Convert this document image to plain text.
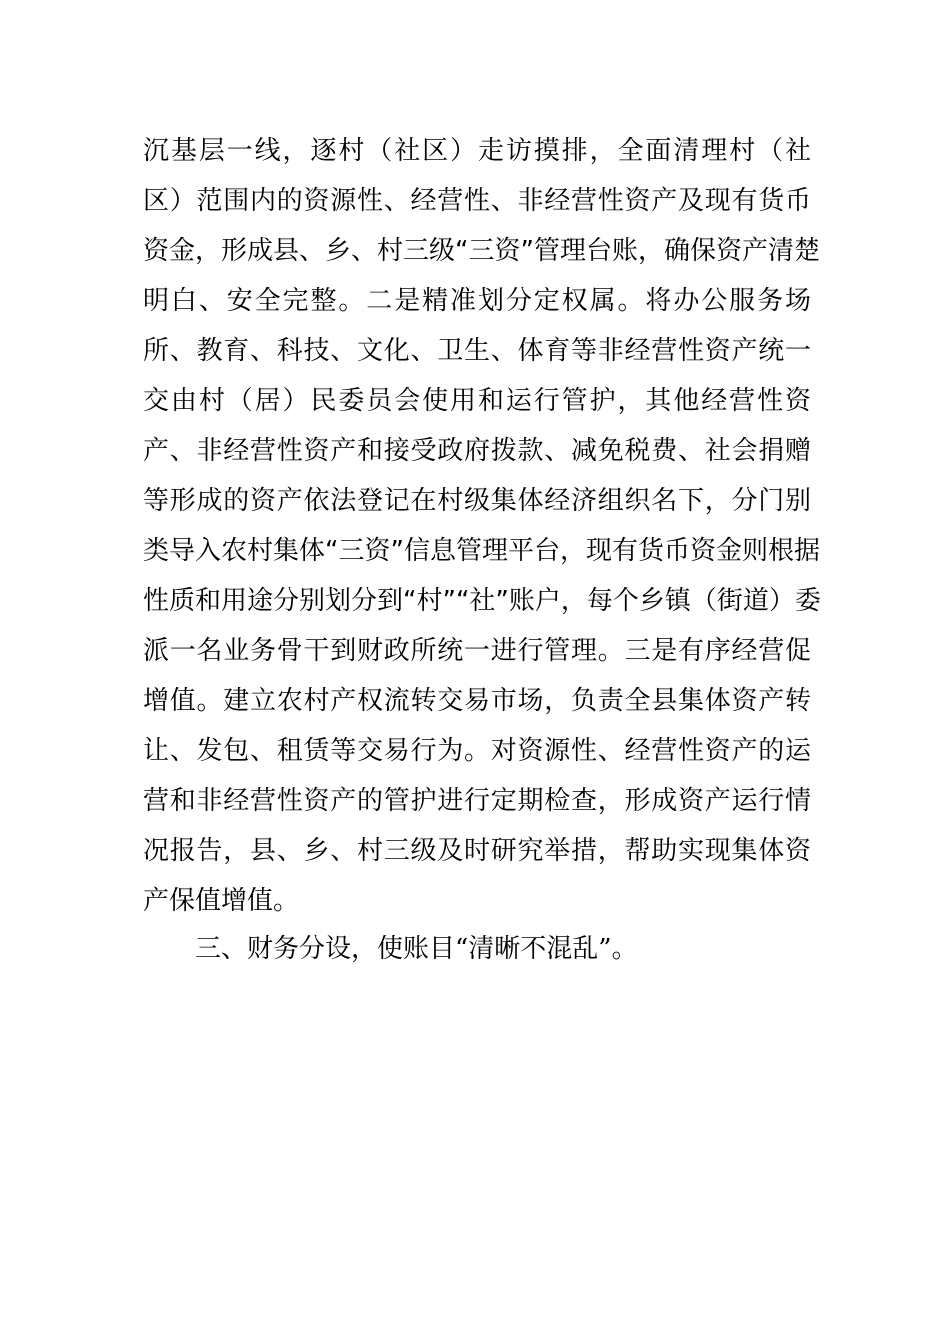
沉基层一线，逐村（社区）走访摸排，全面清理村（社
区）范围内的资源性、经营性、非经营性资产及现有货币
资金，形成县、乡、村三级“三资”管理台账，确保资产清楚
明白、安全完整。二是精准划分定权属。将办公服务场
所、教育、科技、文化、卫生、体育等非经营性资产统一
交由村（居）民委员会使用和运行管护，其他经营性资
产、非经营性资产和接受政府拨款、减免税费、社会捐赠
等形成的资产依法登记在村级集体经济组织名下，分门别
类导入农村集体“三资”信息管理平台，现有货币资金则根据
性质和用途分别划分到“村”“社”账户，每个乡镇（街道）委
派一名业务骨干到财政所统一进行管理。三是有序经营促
增值。建立农村产权流转交易市场，负责全县集体资产转
让、发包、租赁等交易行为。对资源性、经营性资产的运
营和非经营性资产的管护进行定期检查，形成资产运行情
况报告，县、乡、村三级及时研究举措，帮助实现集体资
产保值增值。
三、财务分设，使账目“清晰不混乱”。
